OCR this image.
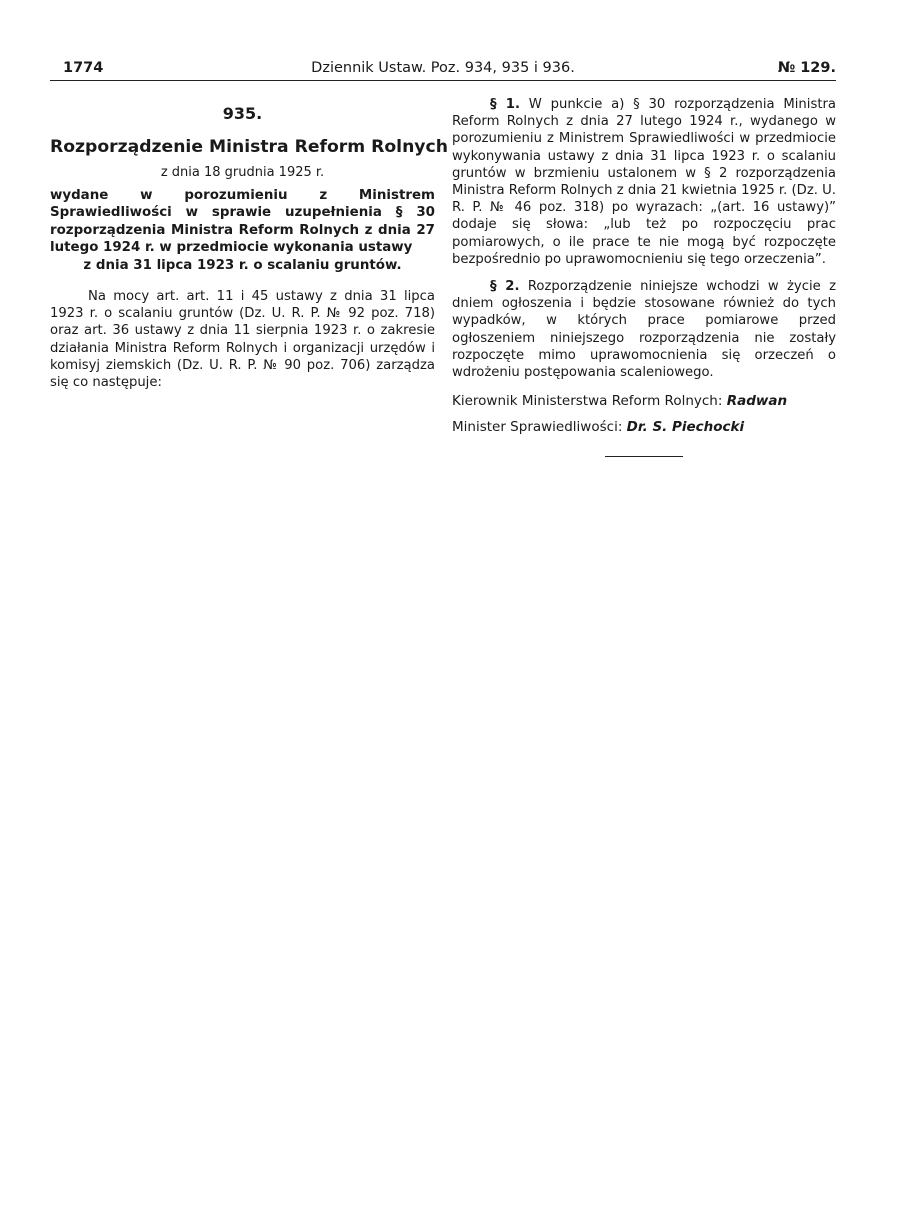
1774	Dziennik Ustaw. Poz. 934, 935 i 936.	№ 129.
935.
Rozporządzenie Ministra Reform Rolnych
z dnia 18 grudnia 1925 r.
wydane w porozumieniu z Ministrem Sprawiedliwości w sprawie uzupełnienia § 30 rozporządzenia Ministra Reform Rolnych z dnia 27 lutego 1924 r. w przedmiocie wykonania ustawy
z dnia 31 lipca 1923 r. o scalaniu gruntów.

Na mocy art. art. 11 i 45 ustawy z dnia 31 lipca 1923 r. o scalaniu gruntów (Dz. U. R. P. № 92 poz. 718) oraz art. 36 ustawy z dnia 11 sierpnia 1923 r. o zakresie działania Ministra Reform Rolnych i organizacji urzędów i komisyj ziemskich (Dz. U. R. P. № 90 poz. 706) zarządza się co następuje:

§ 1. W punkcie a) § 30 rozporządzenia Ministra Reform Rolnych z dnia 27 lutego 1924 r., wydanego w porozumieniu z Ministrem Sprawiedliwości w przedmiocie wykonywania ustawy z dnia 31 lipca 1923 r. o scalaniu gruntów w brzmieniu ustalonem w § 2 rozporządzenia Ministra Reform Rolnych z dnia 21 kwietnia 1925 r. (Dz. U. R. P. № 46 poz. 318) po wyrazach: „(art. 16 ustawy)” dodaje się słowa: „lub też po rozpoczęciu prac pomiarowych, o ile prace te nie mogą być rozpoczęte bezpośrednio po uprawomocnieniu się tego orzeczenia”.

§ 2. Rozporządzenie niniejsze wchodzi w życie z dniem ogłoszenia i będzie stosowane również do tych wypadków, w których prace pomiarowe przed ogłoszeniem niniejszego rozporządzenia nie zostały rozpoczęte mimo uprawomocnienia się orzeczeń o wdrożeniu postępowania scaleniowego.

Kierownik Ministerstwa Reform Rolnych: Radwan
Minister Sprawiedliwości: Dr. S. Piechocki
